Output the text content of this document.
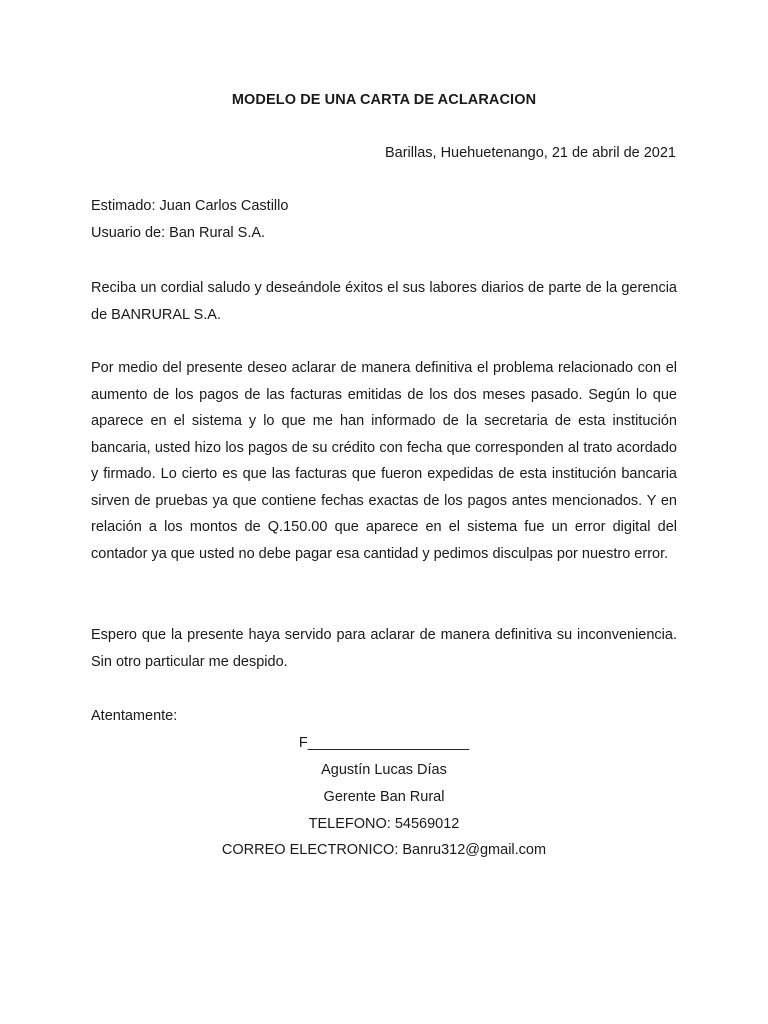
MODELO DE UNA CARTA DE ACLARACION
Barillas, Huehuetenango, 21 de abril de 2021
Estimado: Juan Carlos Castillo
Usuario de: Ban Rural S.A.
Reciba un cordial saludo y deseándole éxitos el sus labores diarios de parte de la gerencia de BANRURAL S.A.
Por medio del presente deseo aclarar de manera definitiva el problema relacionado con el aumento de los pagos de las facturas emitidas de los dos meses pasado. Según lo que aparece en el sistema y lo que me han informado de la secretaria de esta institución bancaria, usted hizo los pagos de su crédito con fecha que corresponden al trato acordado y firmado. Lo cierto es que las facturas que fueron expedidas de esta institución bancaria sirven de pruebas ya que contiene fechas exactas de los pagos antes mencionados. Y en relación a los montos de Q.150.00 que aparece en el sistema fue un error digital del contador ya que usted no debe pagar esa cantidad y pedimos disculpas por nuestro error.
Espero que la presente haya servido para aclarar de manera definitiva su inconveniencia. Sin otro particular me despido.
Atentamente:
F____________________
Agustín Lucas Días
Gerente Ban Rural
TELEFONO: 54569012
CORREO ELECTRONICO: Banru312@gmail.com
